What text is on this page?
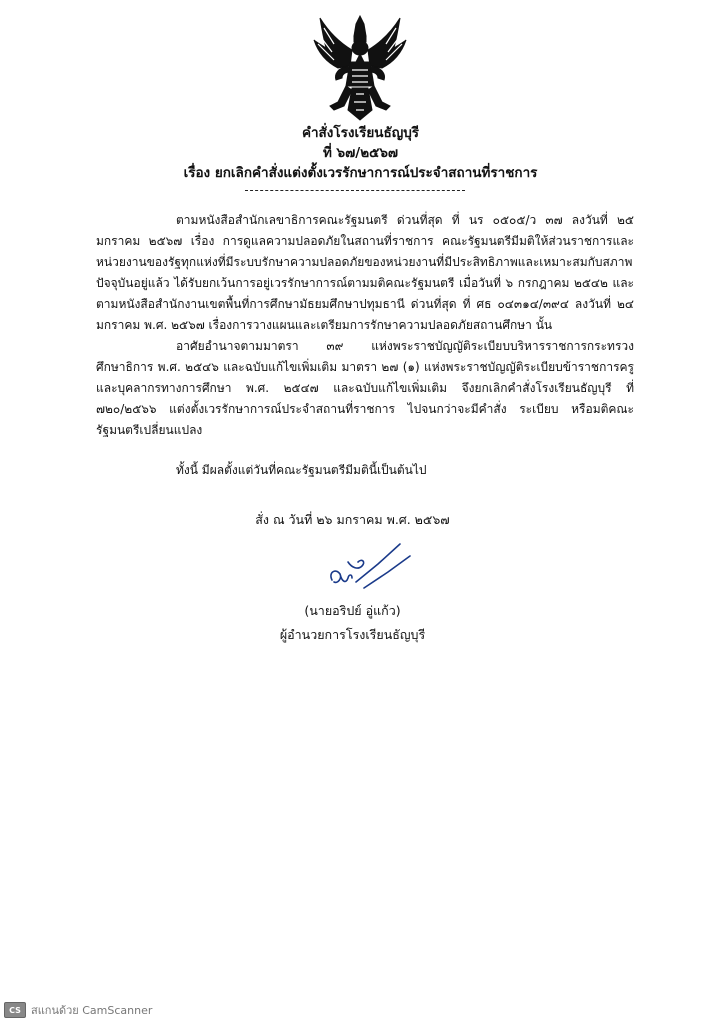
คำสั่งโรงเรียนธัญบุรี
ที่ ๖๗/๒๕๖๗
เรื่อง ยกเลิกคำสั่งแต่งตั้งเวรรักษาการณ์ประจำสถานที่ราชการ

ตามหนังสือสำนักเลขาธิการคณะรัฐมนตรี ด่วนที่สุด ที่ นร ๐๕๐๕/ว ๓๗ ลงวันที่ ๒๕ มกราคม ๒๕๖๗ เรื่อง การดูแลความปลอดภัยในสถานที่ราชการ คณะรัฐมนตรีมีมติให้ส่วนราชการและหน่วยงานของรัฐทุกแห่งที่มีระบบรักษาความปลอดภัยของหน่วยงานที่มีประสิทธิภาพและเหมาะสมกับสภาพปัจจุบันอยู่แล้ว ได้รับยกเว้นการอยู่เวรรักษาการณ์ตามมติคณะรัฐมนตรี เมื่อวันที่ ๖ กรกฎาคม ๒๕๔๒ และตามหนังสือสำนักงานเขตพื้นที่การศึกษามัธยมศึกษาปทุมธานี ด่วนที่สุด ที่ ศธ ๐๔๓๑๔/๓๙๔ ลงวันที่ ๒๔ มกราคม พ.ศ. ๒๕๖๗ เรื่องการวางแผนและเตรียมการรักษาความปลอดภัยสถานศึกษา นั้น

อาศัยอำนาจตามมาตรา ๓๙ แห่งพระราชบัญญัติระเบียบบริหารราชการกระทรวงศึกษาธิการ พ.ศ. ๒๕๔๖ และฉบับแก้ไขเพิ่มเติม มาตรา ๒๗ (๑) แห่งพระราชบัญญัติระเบียบข้าราชการครูและบุคลากรทางการศึกษา พ.ศ. ๒๕๔๗ และฉบับแก้ไขเพิ่มเติม จึงยกเลิกคำสั่งโรงเรียนธัญบุรี ที่ ๗๒๐/๒๕๖๖ แต่งตั้งเวรรักษาการณ์ประจำสถานที่ราชการ ไปจนกว่าจะมีคำสั่ง ระเบียบ หรือมติคณะรัฐมนตรีเปลี่ยนแปลง

ทั้งนี้ มีผลตั้งแต่วันที่คณะรัฐมนตรีมีมตินี้เป็นต้นไป
สั่ง ณ วันที่ ๒๖ มกราคม พ.ศ. ๒๕๖๗
(นายอริปย์ อู่แก้ว)
ผู้อำนวยการโรงเรียนธัญบุรี
CS สแกนด้วย CamScanner
